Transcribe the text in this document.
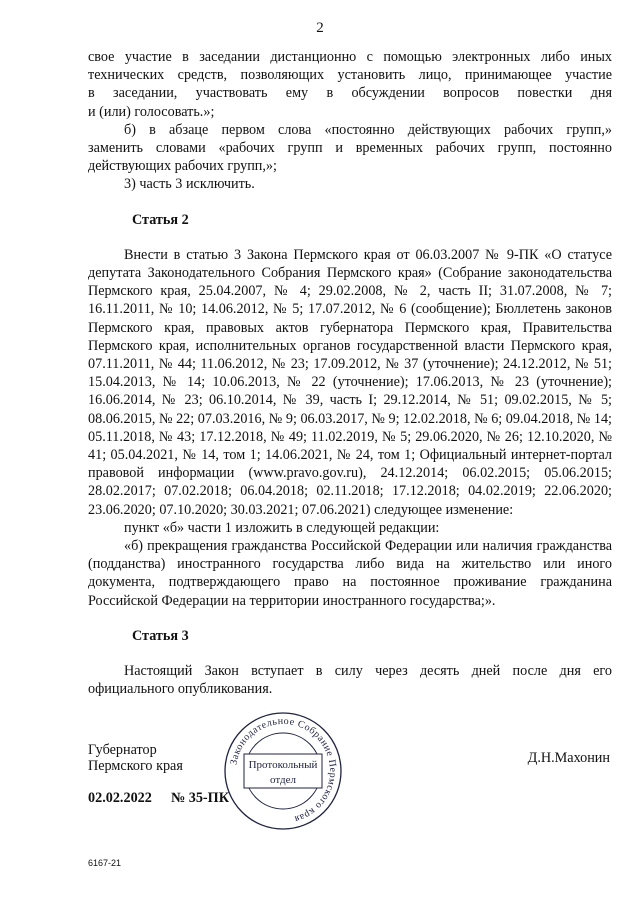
2

свое участие в заседании дистанционно с помощью электронных либо иных

технических средств, позволяющих установить лицо, принимающее участие

в заседании, участвовать ему в обсуждении вопросов повестки дня

и (или) голосовать.»;

б) в абзаце первом слова «постоянно действующих рабочих групп,»

заменить словами «рабочих групп и временных рабочих групп, постоянно

действующих рабочих групп,»;

3) часть 3 исключить.

Статья 2

Внести в статью 3 Закона Пермского края от 06.03.2007 № 9-ПК «О статусе депутата Законодательного Собрания Пермского края» (Собрание законодательства Пермского края, 25.04.2007, № 4; 29.02.2008, № 2, часть II; 31.07.2008, № 7; 16.11.2011, № 10; 14.06.2012, № 5; 17.07.2012, № 6 (сообщение); Бюллетень законов Пермского края, правовых актов губернатора Пермского края, Правительства Пермского края, исполнительных органов государственной власти Пермского края, 07.11.2011, № 44; 11.06.2012, № 23; 17.09.2012, № 37 (уточнение); 24.12.2012, № 51; 15.04.2013, № 14; 10.06.2013, № 22 (уточнение); 17.06.2013, № 23 (уточнение); 16.06.2014, № 23; 06.10.2014, № 39, часть I; 29.12.2014, № 51; 09.02.2015, № 5; 08.06.2015, № 22; 07.03.2016, № 9; 06.03.2017, № 9; 12.02.2018, № 6; 09.04.2018, № 14; 05.11.2018, № 43; 17.12.2018, № 49; 11.02.2019, № 5; 29.06.2020, № 26; 12.10.2020, № 41; 05.04.2021, № 14, том 1; 14.06.2021, № 24, том 1; Официальный интернет-портал правовой информации (www.pravo.gov.ru), 24.12.2014; 06.02.2015; 05.06.2015; 28.02.2017; 07.02.2018; 06.04.2018; 02.11.2018; 17.12.2018; 04.02.2019; 22.06.2020; 23.06.2020; 07.10.2020; 30.03.2021; 07.06.2021) следующее изменение:

пункт «б» части 1 изложить в следующей редакции:

«б) прекращения гражданства Российской Федерации или наличия гражданства (подданства) иностранного государства либо вида на жительство или иного документа, подтверждающего право на постоянное проживание гражданина Российской Федерации на территории иностранного государства;».

Статья 3

Настоящий Закон вступает в силу через десять дней после дня его официального опубликования.

Губернатор
Пермского края	Д.Н.Махонин
02.02.2022 № 35-ПК
Законодательное Собрание Пермского края
Протокольный
отдел
6167-21
